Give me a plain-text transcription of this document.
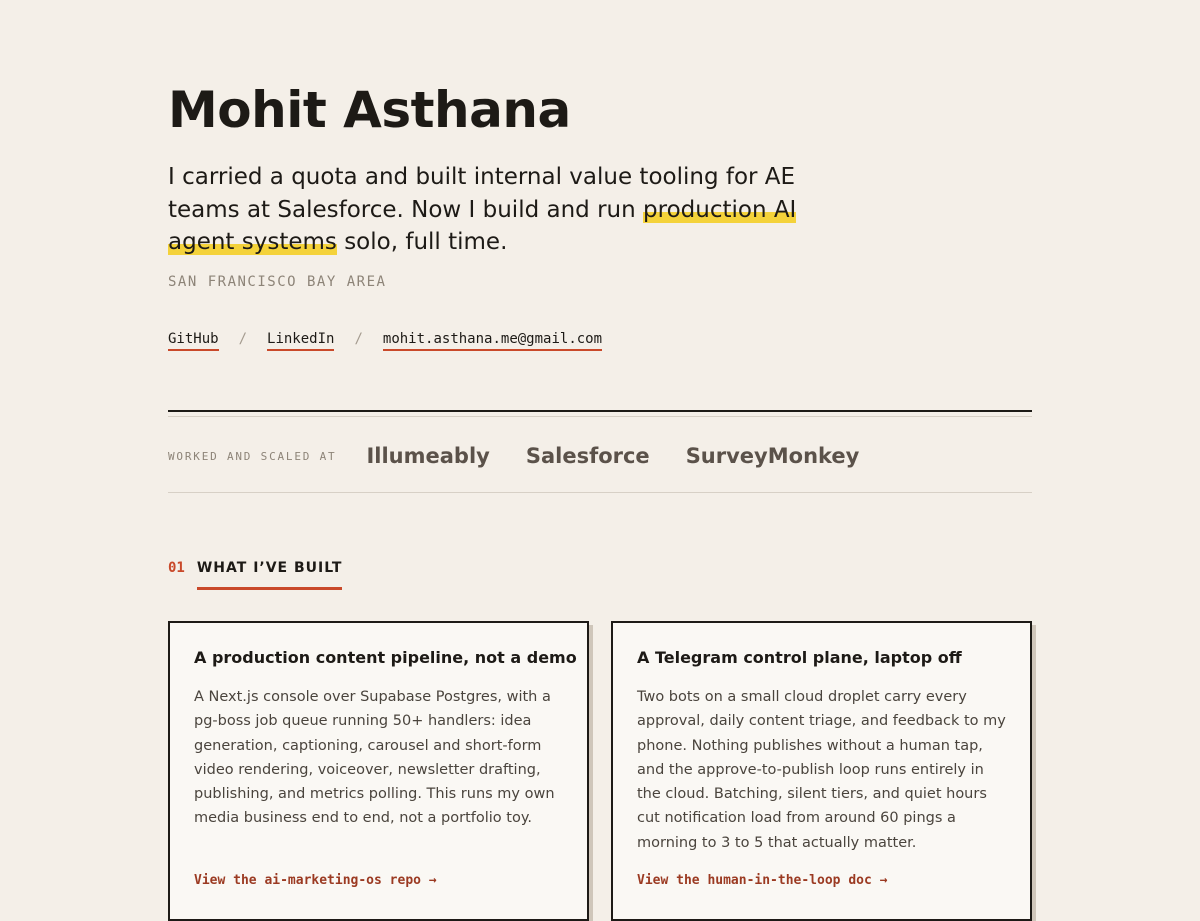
Mohit Asthana

I carried a quota and built internal value tooling for AE teams at Salesforce. Now I build and run production AI agent systems solo, full time.

SAN FRANCISCO BAY AREA
GitHub / LinkedIn / mohit.asthana.me@gmail.com
WORKED AND SCALED AT Illumeably Salesforce SurveyMonkey
01 WHAT I’VE BUILT
A production content pipeline, not a demo

A Next.js console over Supabase Postgres, with a pg-boss job queue running 50+ handlers: idea generation, captioning, carousel and short-form video rendering, voiceover, newsletter drafting, publishing, and metrics polling. This runs my own media business end to end, not a portfolio toy.

View the ai-marketing-os repo →
A Telegram control plane, laptop off

Two bots on a small cloud droplet carry every approval, daily content triage, and feedback to my phone. Nothing publishes without a human tap, and the approve-to-publish loop runs entirely in the cloud. Batching, silent tiers, and quiet hours cut notification load from around 60 pings a morning to 3 to 5 that actually matter.

View the human-in-the-loop doc →
